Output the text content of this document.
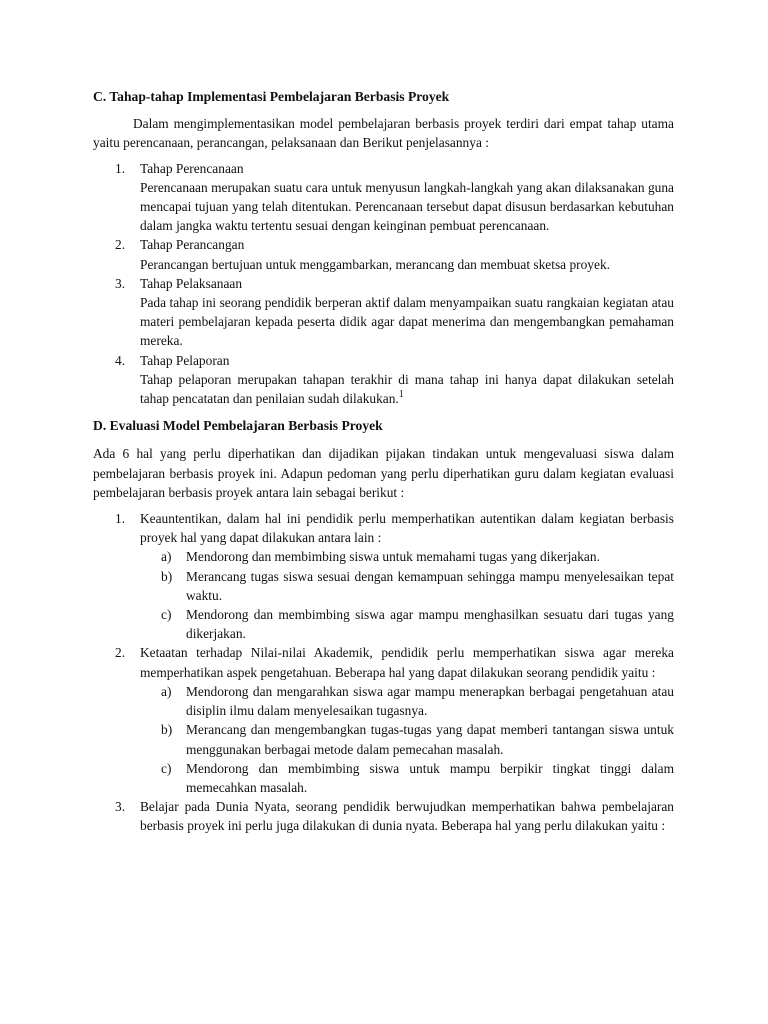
C. Tahap-tahap Implementasi Pembelajaran Berbasis Proyek

Dalam mengimplementasikan model pembelajaran berbasis proyek terdiri dari empat tahap utama yaitu perencanaan, perancangan, pelaksanaan dan Berikut penjelasannya :

1. Tahap Perencanaan
Perencanaan merupakan suatu cara untuk menyusun langkah-langkah yang akan dilaksanakan guna mencapai tujuan yang telah ditentukan. Perencanaan tersebut dapat disusun berdasarkan kebutuhan dalam jangka waktu tertentu sesuai dengan keinginan pembuat perencanaan.
2. Tahap Perancangan
Perancangan bertujuan untuk menggambarkan, merancang dan membuat sketsa proyek.
3. Tahap Pelaksanaan
Pada tahap ini seorang pendidik berperan aktif dalam menyampaikan suatu rangkaian kegiatan atau materi pembelajaran kepada peserta didik agar dapat menerima dan mengembangkan pemahaman mereka.
4. Tahap Pelaporan
Tahap pelaporan merupakan tahapan terakhir di mana tahap ini hanya dapat dilakukan setelah tahap pencatatan dan penilaian sudah dilakukan.$^1$
D. Evaluasi Model Pembelajaran Berbasis Proyek

Ada 6 hal yang perlu diperhatikan dan dijadikan pijakan tindakan untuk mengevaluasi siswa dalam pembelajaran berbasis proyek ini. Adapun pedoman yang perlu diperhatikan guru dalam kegiatan evaluasi pembelajaran berbasis proyek antara lain sebagai berikut :

1. Keauntentikan, dalam hal ini pendidik perlu memperhatikan autentikan dalam kegiatan berbasis proyek hal yang dapat dilakukan antara lain :
a) Mendorong dan membimbing siswa untuk memahami tugas yang dikerjakan.
b) Merancang tugas siswa sesuai dengan kemampuan sehingga mampu menyelesaikan tepat waktu.
c) Mendorong dan membimbing siswa agar mampu menghasilkan sesuatu dari tugas yang dikerjakan.
2. Ketaatan terhadap Nilai-nilai Akademik, pendidik perlu memperhatikan siswa agar mereka memperhatikan aspek pengetahuan. Beberapa hal yang dapat dilakukan seorang pendidik yaitu :
a) Mendorong dan mengarahkan siswa agar mampu menerapkan berbagai pengetahuan atau disiplin ilmu dalam menyelesaikan tugasnya.
b) Merancang dan mengembangkan tugas-tugas yang dapat memberi tantangan siswa untuk menggunakan berbagai metode dalam pemecahan masalah.
c) Mendorong dan membimbing siswa untuk mampu berpikir tingkat tinggi dalam memecahkan masalah.
3. Belajar pada Dunia Nyata, seorang pendidik berwujudkan memperhatikan bahwa pembelajaran berbasis proyek ini perlu juga dilakukan di dunia nyata. Beberapa hal yang perlu dilakukan yaitu :
